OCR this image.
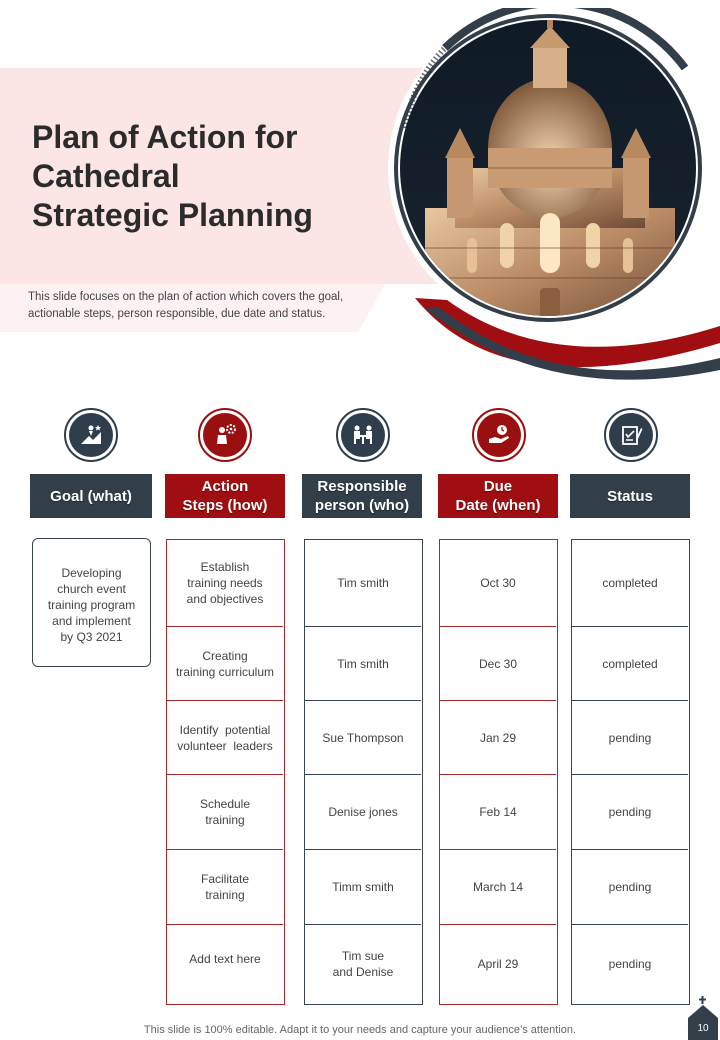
Plan of Action for
Cathedral
Strategic Planning
This slide focuses on the plan of action which covers the goal, actionable steps, person responsible, due date and status.
Goal (what)
Action
Steps (how)
Responsible
person (who)
Due
Date (when)
Status
Developing
church event
training program
and implement
by Q3 2021
Establish
training needs
and objectives
Creating
training curriculum
Identify  potential
volunteer  leaders
Schedule
training
Facilitate
training
Add text here
Tim smith
Tim smith
Sue Thompson
Denise jones
Timm smith
Tim sue
and Denise
Oct 30
Dec 30
Jan 29
Feb 14
March 14
April 29
completed
completed
pending
pending
pending
pending
This slide is 100% editable. Adapt it to your needs and capture your audience’s attention.	10
